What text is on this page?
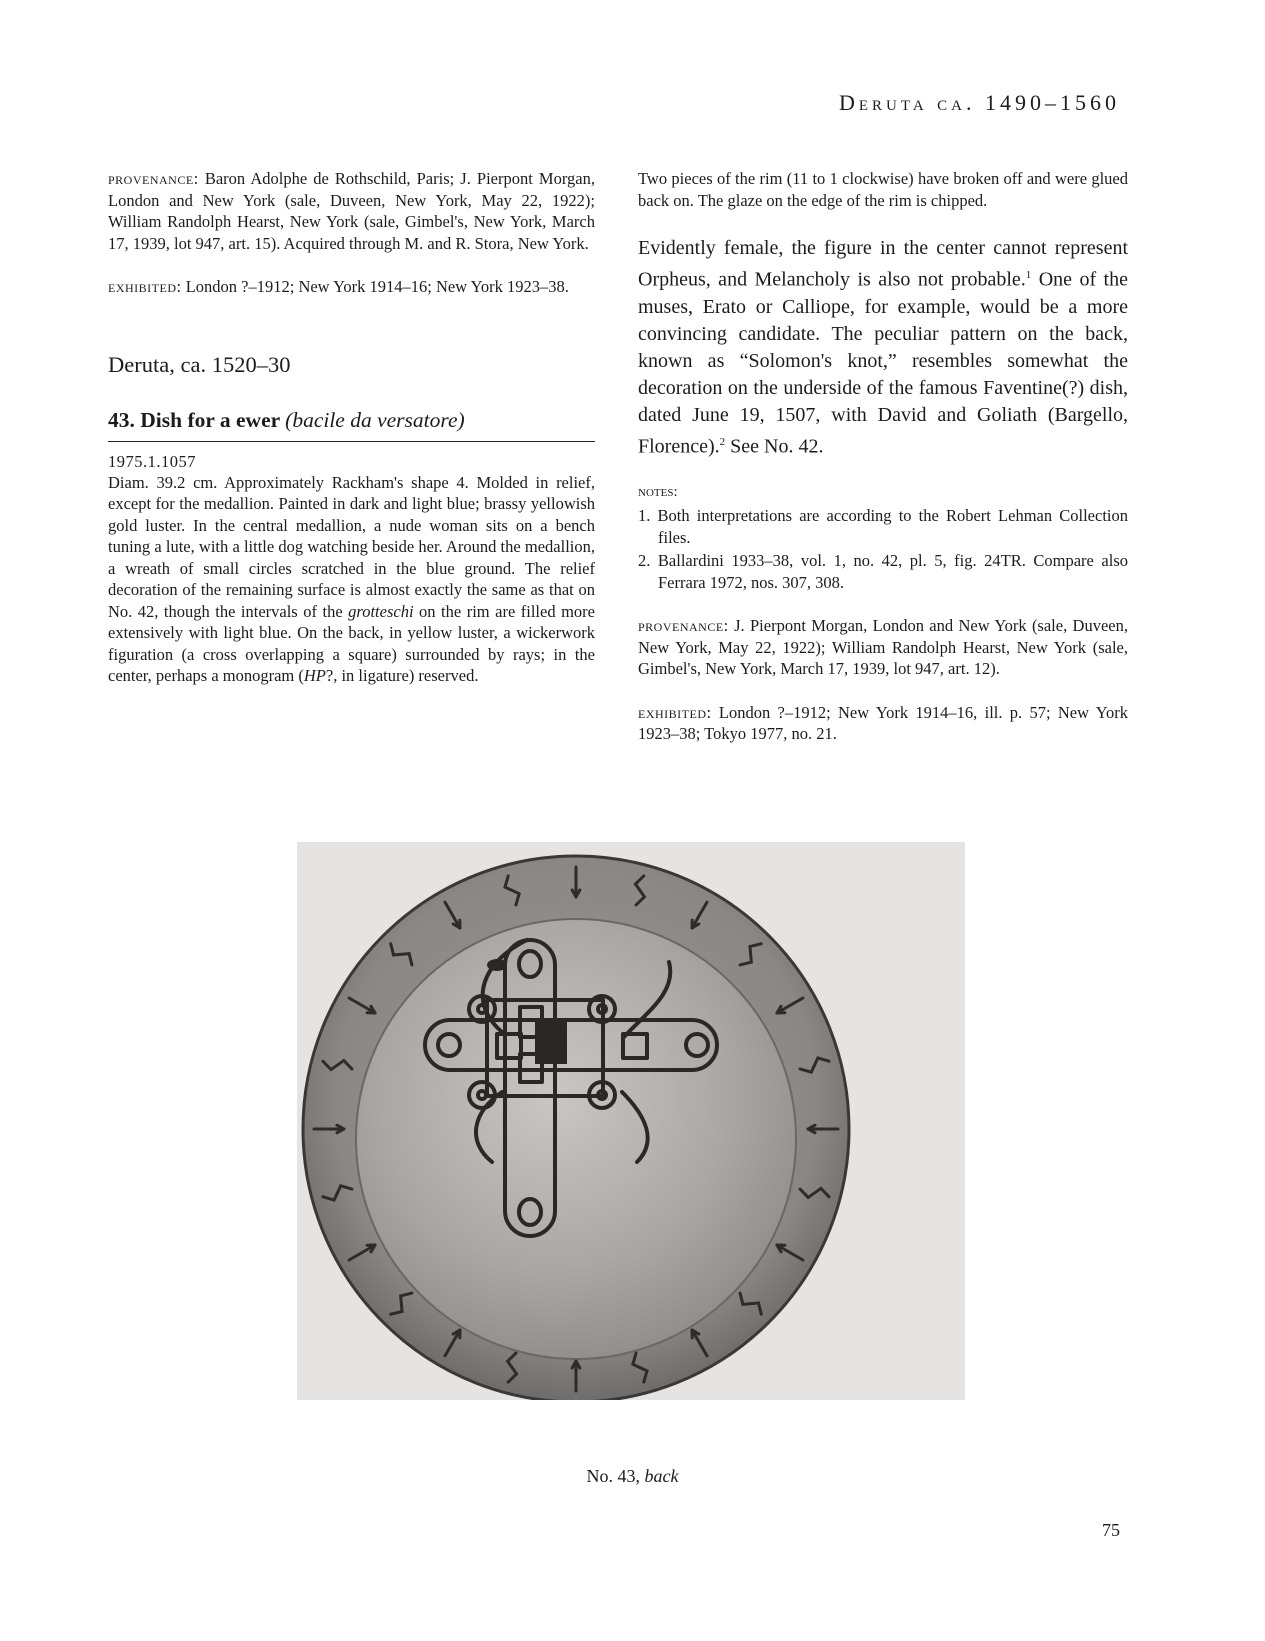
Deruta ca. 1490–1560

provenance: Baron Adolphe de Rothschild, Paris; J. Pierpont Morgan, London and New York (sale, Duveen, New York, May 22, 1922); William Randolph Hearst, New York (sale, Gimbel's, New York, March 17, 1939, lot 947, art. 15). Acquired through M. and R. Stora, New York.

exhibited: London ?–1912; New York 1914–16; New York 1923–38.

Deruta, ca. 1520–30
43. Dish for a ewer (bacile da versatore)

1975.1.1057

Diam. 39.2 cm. Approximately Rackham's shape 4. Molded in relief, except for the medallion. Painted in dark and light blue; brassy yellowish gold luster. In the central medallion, a nude woman sits on a bench tuning a lute, with a little dog watching beside her. Around the medallion, a wreath of small circles scratched in the blue ground. The relief decoration of the remaining surface is almost exactly the same as that on No. 42, though the intervals of the grotteschi on the rim are filled more extensively with light blue. On the back, in yellow luster, a wickerwork figuration (a cross overlapping a square) surrounded by rays; in the center, perhaps a monogram (HP?, in ligature) reserved.

Two pieces of the rim (11 to 1 clockwise) have broken off and were glued back on. The glaze on the edge of the rim is chipped.

Evidently female, the figure in the center cannot represent Orpheus, and Melancholy is also not probable.$^1$ One of the muses, Erato or Calliope, for example, would be a more convincing candidate. The peculiar pattern on the back, known as “Solomon's knot,” resembles somewhat the decoration on the underside of the famous Faventine(?) dish, dated June 19, 1507, with David and Goliath (Bargello, Florence).$^2$ See No. 42.

notes:
1. Both interpretations are according to the Robert Lehman Collection files.
2. Ballardini 1933–38, vol. 1, no. 42, pl. 5, fig. 24TR. Compare also Ferrara 1972, nos. 307, 308.

provenance: J. Pierpont Morgan, London and New York (sale, Duveen, New York, May 22, 1922); William Randolph Hearst, New York (sale, Gimbel's, New York, March 17, 1939, lot 947, art. 12).

exhibited: London ?–1912; New York 1914–16, ill. p. 57; New York 1923–38; Tokyo 1977, no. 21.

No. 43, back
75
